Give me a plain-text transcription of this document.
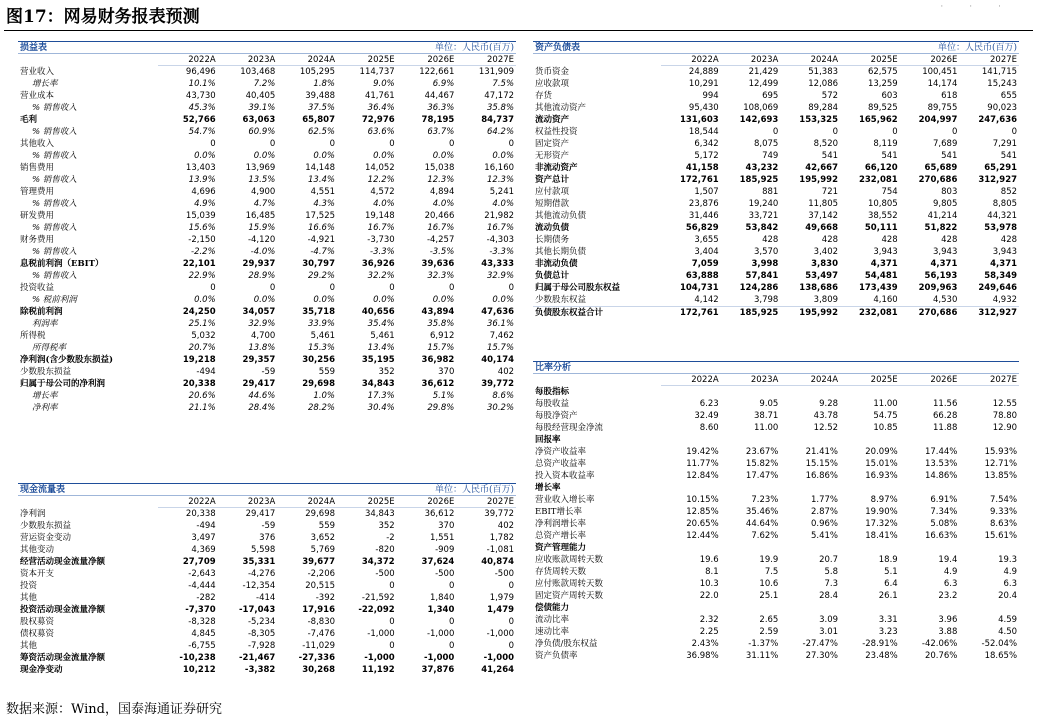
图17：网易财务报表预测	···
损益表	单位：人民币(百万)
2022A	2023A	2024A	2025E	2026E	2027E
营业收入	96,496	103,468	105,295	114,737	122,661	131,909
增长率	10.1%	7.2%	1.8%	9.0%	6.9%	7.5%
营业成本	43,730	40,405	39,488	41,761	44,467	47,172
% 销售收入	45.3%	39.1%	37.5%	36.4%	36.3%	35.8%
毛利	52,766	63,063	65,807	72,976	78,195	84,737
% 销售收入	54.7%	60.9%	62.5%	63.6%	63.7%	64.2%
其他收入	0	0	0	0	0	0
% 销售收入	0.0%	0.0%	0.0%	0.0%	0.0%	0.0%
销售费用	13,403	13,969	14,148	14,052	15,038	16,160
% 销售收入	13.9%	13.5%	13.4%	12.2%	12.3%	12.3%
管理费用	4,696	4,900	4,551	4,572	4,894	5,241
% 销售收入	4.9%	4.7%	4.3%	4.0%	4.0%	4.0%
研发费用	15,039	16,485	17,525	19,148	20,466	21,982
% 销售收入	15.6%	15.9%	16.6%	16.7%	16.7%	16.7%
财务费用	-2,150	-4,120	-4,921	-3,730	-4,257	-4,303
% 销售收入	-2.2%	-4.0%	-4.7%	-3.3%	-3.5%	-3.3%
息税前利润（EBIT）	22,101	29,937	30,797	36,926	39,636	43,333
% 销售收入	22.9%	28.9%	29.2%	32.2%	32.3%	32.9%
投资收益	0	0	0	0	0	0
% 税前利润	0.0%	0.0%	0.0%	0.0%	0.0%	0.0%
除税前利润	24,250	34,057	35,718	40,656	43,894	47,636
利润率	25.1%	32.9%	33.9%	35.4%	35.8%	36.1%
所得税	5,032	4,700	5,461	5,461	6,912	7,462
所得税率	20.7%	13.8%	15.3%	13.4%	15.7%	15.7%
净利润(含少数股东损益)	19,218	29,357	30,256	35,195	36,982	40,174
少数股东损益	-494	-59	559	352	370	402
归属于母公司的净利润	20,338	29,417	29,698	34,843	36,612	39,772
增长率	20.6%	44.6%	1.0%	17.3%	5.1%	8.6%
净利率	21.1%	28.4%	28.2%	30.4%	29.8%	30.2%
现金流量表	单位：人民币(百万)
2022A	2023A	2024A	2025E	2026E	2027E
净利润	20,338	29,417	29,698	34,843	36,612	39,772
少数股东损益	-494	-59	559	352	370	402
营运资金变动	3,497	376	3,652	-2	1,551	1,782
其他变动	4,369	5,598	5,769	-820	-909	-1,081
经营活动现金流量净额	27,709	35,331	39,677	34,372	37,624	40,874
资本开支	-2,643	-4,276	-2,206	-500	-500	-500
投资	-4,444	-12,354	20,515	0	0	0
其他	-282	-414	-392	-21,592	1,840	1,979
投资活动现金流量净额	-7,370	-17,043	17,916	-22,092	1,340	1,479
股权募资	-8,328	-5,234	-8,830	0	0	0
债权募资	4,845	-8,305	-7,476	-1,000	-1,000	-1,000
其他	-6,755	-7,928	-11,029	0	0	0
筹资活动现金流量净额	-10,238	-21,467	-27,336	-1,000	-1,000	-1,000
现金净变动	10,212	-3,382	30,268	11,192	37,876	41,264
资产负债表	单位：人民币(百万)
2022A	2023A	2024A	2025E	2026E	2027E
货币资金	24,889	21,429	51,383	62,575	100,451	141,715
应收款项	10,291	12,499	12,086	13,259	14,174	15,243
存货	994	695	572	603	618	655
其他流动资产	95,430	108,069	89,284	89,525	89,755	90,023
流动资产	131,603	142,693	153,325	165,962	204,997	247,636
权益性投资	18,544	0	0	0	0	0
固定资产	6,342	8,075	8,520	8,119	7,689	7,291
无形资产	5,172	749	541	541	541	541
非流动资产	41,158	43,232	42,667	66,120	65,689	65,291
资产总计	172,761	185,925	195,992	232,081	270,686	312,927
应付款项	1,507	881	721	754	803	852
短期借款	23,876	19,240	11,805	10,805	9,805	8,805
其他流动负债	31,446	33,721	37,142	38,552	41,214	44,321
流动负债	56,829	53,842	49,668	50,111	51,822	53,978
长期债务	3,655	428	428	428	428	428
其他长期负债	3,404	3,570	3,402	3,943	3,943	3,943
非流动负债	7,059	3,998	3,830	4,371	4,371	4,371
负债总计	63,888	57,841	53,497	54,481	56,193	58,349
归属于母公司股东权益	104,731	124,286	138,686	173,439	209,963	249,646
少数股东权益	4,142	3,798	3,809	4,160	4,530	4,932
负债股东权益合计	172,761	185,925	195,992	232,081	270,686	312,927
比率分析
2022A	2023A	2024A	2025E	2026E	2027E
每股指标
每股收益	6.23	9.05	9.28	11.00	11.56	12.55
每股净资产	32.49	38.71	43.78	54.75	66.28	78.80
每股经营现金净流	8.60	11.00	12.52	10.85	11.88	12.90
回报率
净资产收益率	19.42%	23.67%	21.41%	20.09%	17.44%	15.93%
总资产收益率	11.77%	15.82%	15.15%	15.01%	13.53%	12.71%
投入资本收益率	12.84%	17.47%	16.86%	16.93%	14.86%	13.85%
增长率
营业收入增长率	10.15%	7.23%	1.77%	8.97%	6.91%	7.54%
EBIT增长率	12.85%	35.46%	2.87%	19.90%	7.34%	9.33%
净利润增长率	20.65%	44.64%	0.96%	17.32%	5.08%	8.63%
总资产增长率	12.44%	7.62%	5.41%	18.41%	16.63%	15.61%
资产管理能力
应收账款周转天数	19.6	19.9	20.7	18.9	19.4	19.3
存货周转天数	8.1	7.5	5.8	5.1	4.9	4.9
应付账款周转天数	10.3	10.6	7.3	6.4	6.3	6.3
固定资产周转天数	22.0	25.1	28.4	26.1	23.2	20.4
偿债能力
流动比率	2.32	2.65	3.09	3.31	3.96	4.59
速动比率	2.25	2.59	3.01	3.23	3.88	4.50
净负债/股东权益	2.43%	-1.37%	-27.47%	-28.91%	-42.06%	-52.04%
资产负债率	36.98%	31.11%	27.30%	23.48%	20.76%	18.65%
数据来源：Wind，国泰海通证券研究
